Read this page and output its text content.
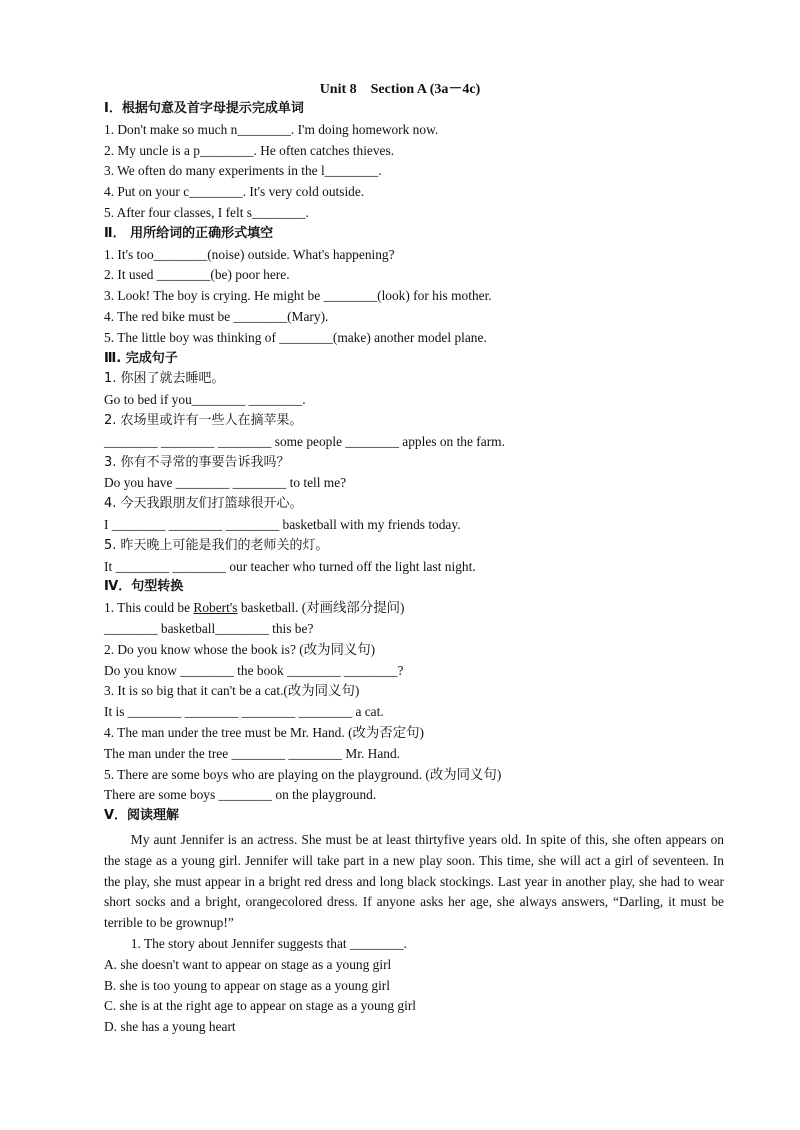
Unit 8　Section A (3a－4c)
Ⅰ．根据句意及首字母提示完成单词
1. Don't make so much n________. I'm doing homework now.
2. My uncle is a p________. He often catches thieves.
3. We often do many experiments in the l________.
4. Put on your c________. It's very cold outside.
5. After four classes, I felt s________.
Ⅱ． 用所给词的正确形式填空
1. It's too________(noise) outside. What's happening?
2. It used ________(be) poor here.
3. Look! The boy is crying. He might be ________(look) for his mother.
4. The red bike must be ________(Mary).
5. The little boy was thinking of ________(make) another model plane.
Ⅲ. 完成句子
1. 你困了就去睡吧。
Go to bed if you________ ________.
2. 农场里或许有一些人在摘苹果。
________ ________ ________ some people ________ apples on the farm.
3. 你有不寻常的事要告诉我吗？
Do you have ________ ________ to tell me?
4. 今天我跟朋友们打篮球很开心。
I ________ ________ ________ basketball with my friends today.
5. 昨天晚上可能是我们的老师关的灯。
It ________ ________ our teacher who turned off the light last night.
Ⅳ．句型转换
1. This could be Robert's basketball. (对画线部分提问)
________ basketball________ this be?
2. Do you know whose the book is? (改为同义句)
Do you know ________ the book ________ ________?
3. It is so big that it can't be a cat.(改为同义句)
It is ________ ________ ________ ________ a cat.
4. The man under the tree must be Mr. Hand. (改为否定句)
The man under the tree ________ ________ Mr. Hand.
5. There are some boys who are playing on the playground. (改为同义句)
There are some boys ________ on the playground.
Ⅴ．阅读理解

My aunt Jennifer is an actress. She must be at least thirtyfive years old. In spite of this, she often appears on the stage as a young girl. Jennifer will take part in a new play soon. This time, she will act a girl of seventeen. In the play, she must appear in a bright red dress and long black stockings. Last year in another play, she had to wear short socks and a bright, orangecolored dress. If anyone asks her age, she always answers, “Darling, it must be terrible to be grownup!”

1. The story about Jennifer suggests that ________.
A. she doesn't want to appear on stage as a young girl
B. she is too young to appear on stage as a young girl
C. she is at the right age to appear on stage as a young girl
D. she has a young heart
